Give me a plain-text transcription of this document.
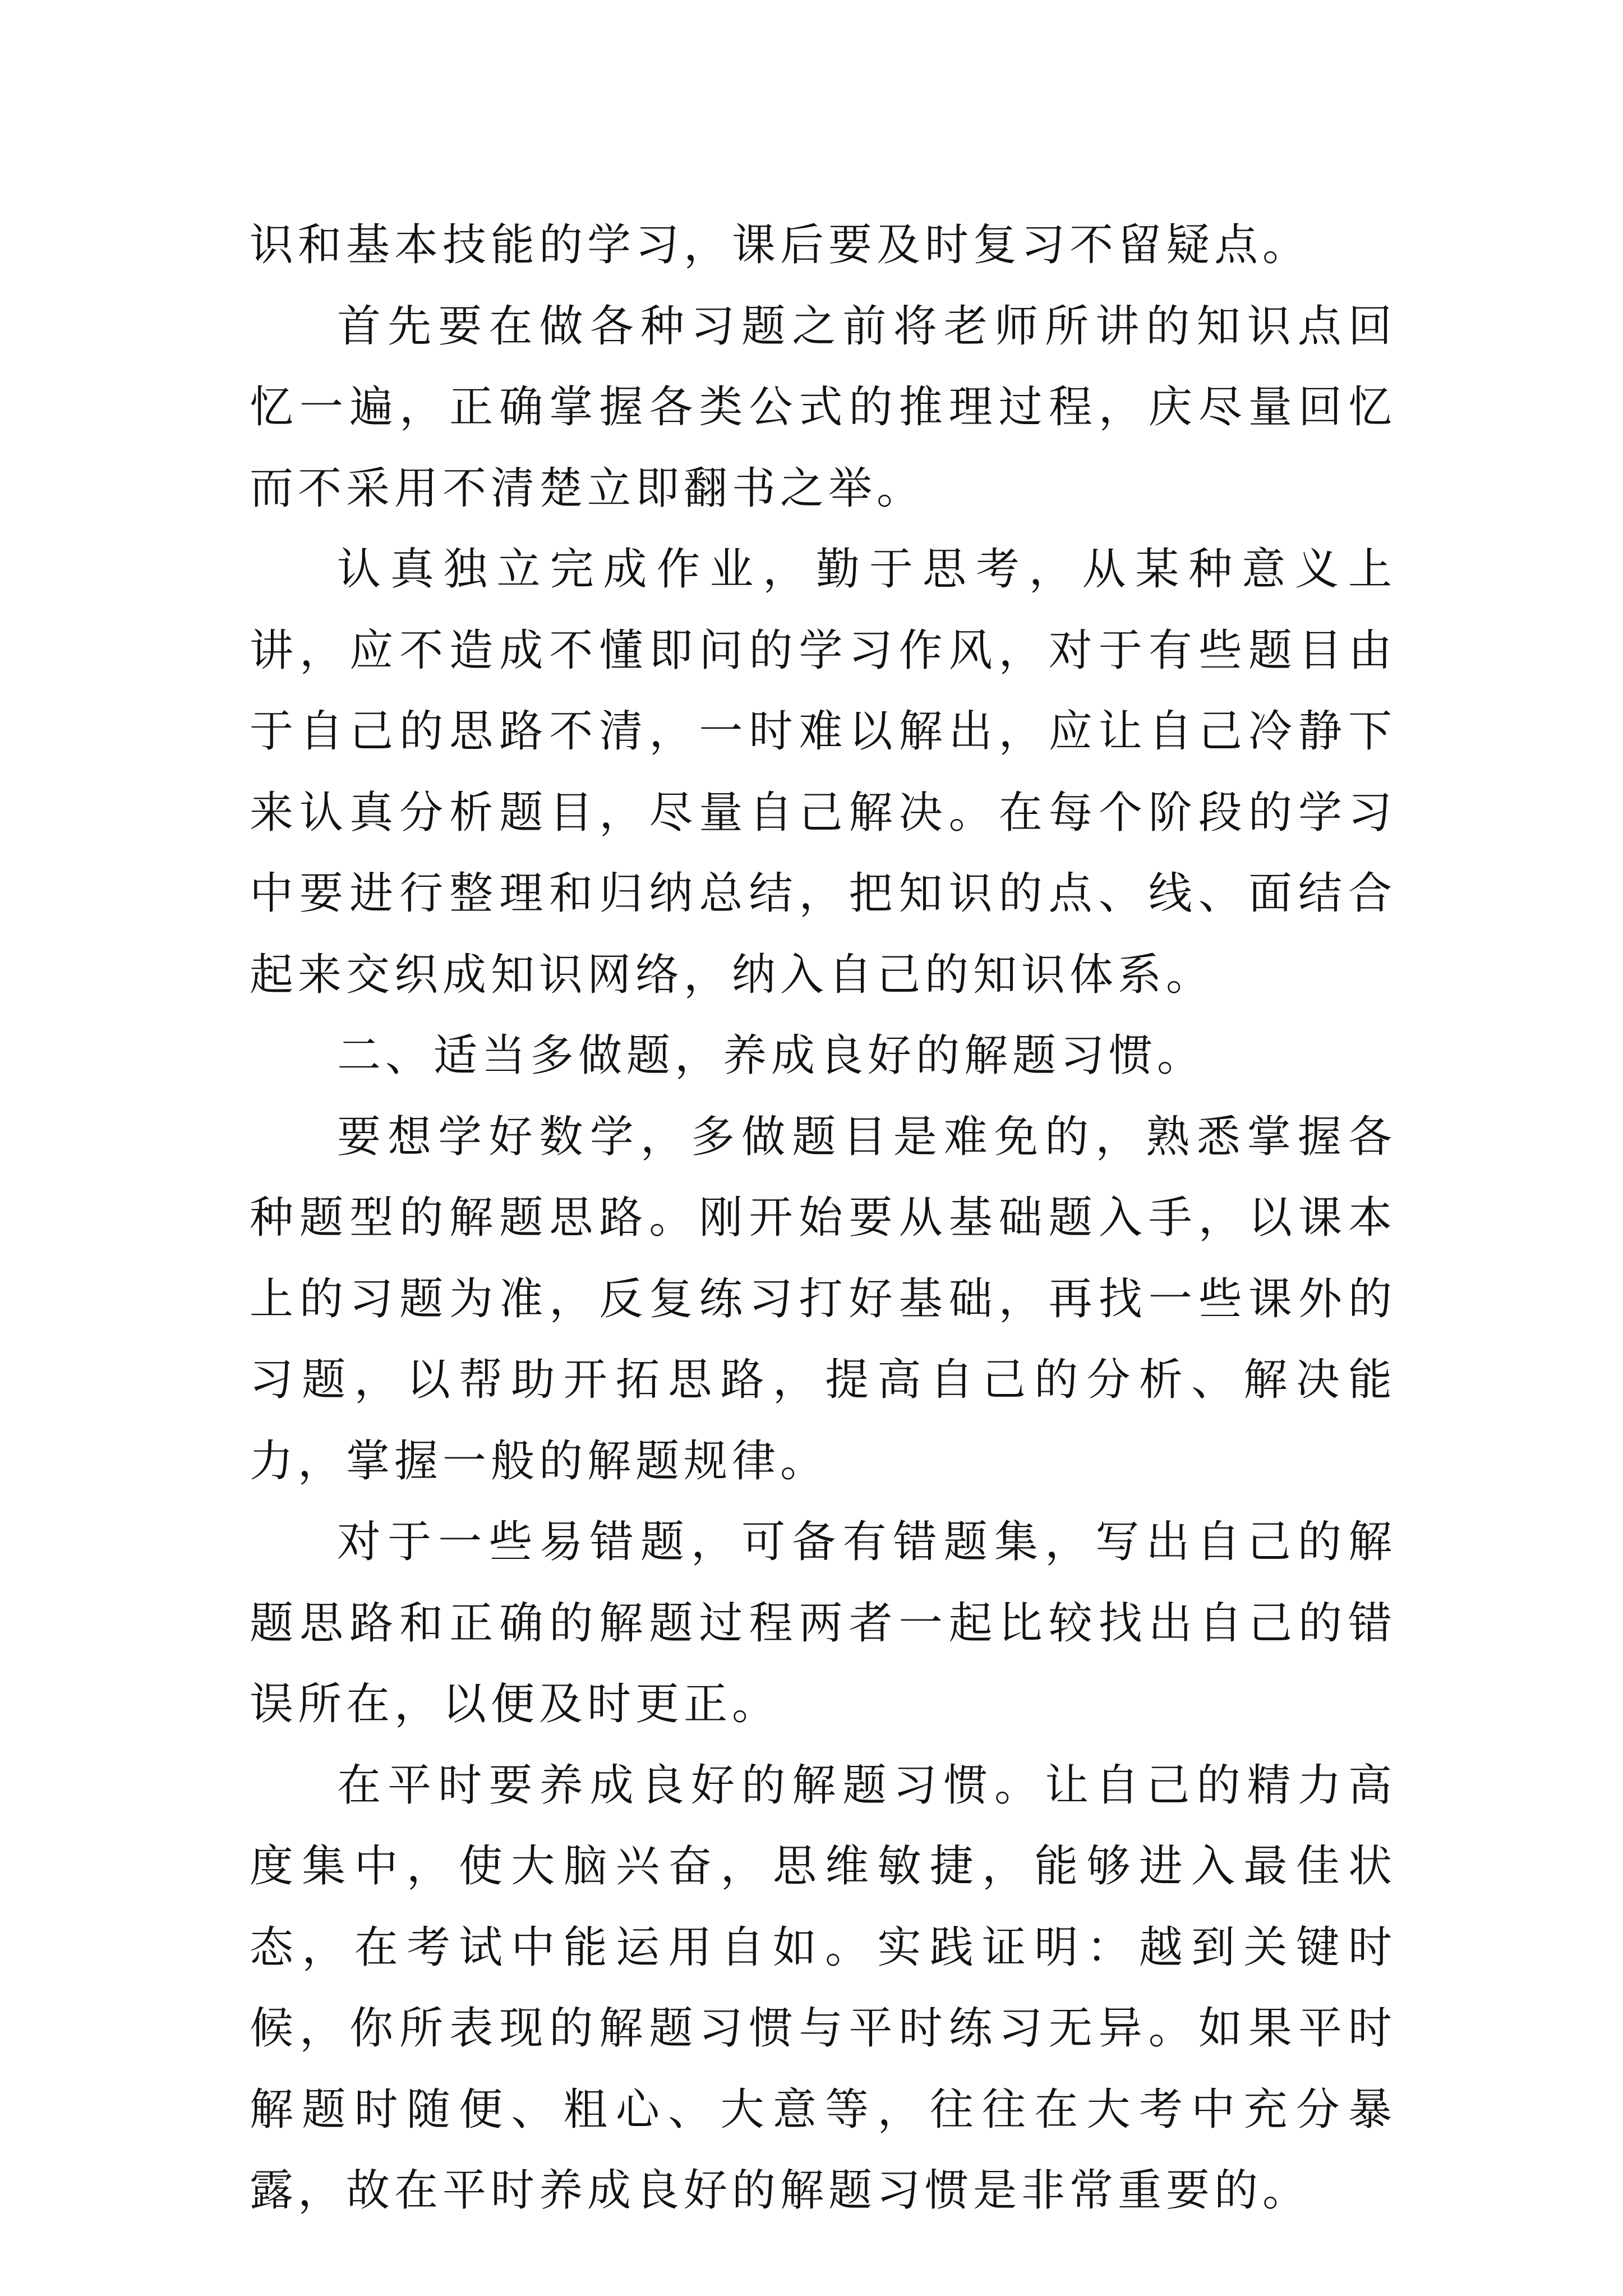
识和基本技能的学习，课后要及时复习不留疑点。

首先要在做各种习题之前将老师所讲的知识点回忆一遍，正确掌握各类公式的推理过程，庆尽量回忆而不采用不清楚立即翻书之举。

认真独立完成作业，勤于思考，从某种意义上讲，应不造成不懂即问的学习作风，对于有些题目由于自己的思路不清，一时难以解出，应让自己冷静下来认真分析题目，尽量自己解决。在每个阶段的学习中要进行整理和归纳总结，把知识的点、线、面结合起来交织成知识网络，纳入自己的知识体系。

二、适当多做题，养成良好的解题习惯。

要想学好数学，多做题目是难免的，熟悉掌握各种题型的解题思路。刚开始要从基础题入手，以课本上的习题为准，反复练习打好基础，再找一些课外的习题，以帮助开拓思路，提高自己的分析、解决能力，掌握一般的解题规律。

对于一些易错题，可备有错题集，写出自己的解题思路和正确的解题过程两者一起比较找出自己的错误所在，以便及时更正。

在平时要养成良好的解题习惯。让自己的精力高度集中，使大脑兴奋，思维敏捷，能够进入最佳状态，在考试中能运用自如。实践证明：越到关键时候，你所表现的解题习惯与平时练习无异。如果平时解题时随便、粗心、大意等，往往在大考中充分暴露，故在平时养成良好的解题习惯是非常重要的。
